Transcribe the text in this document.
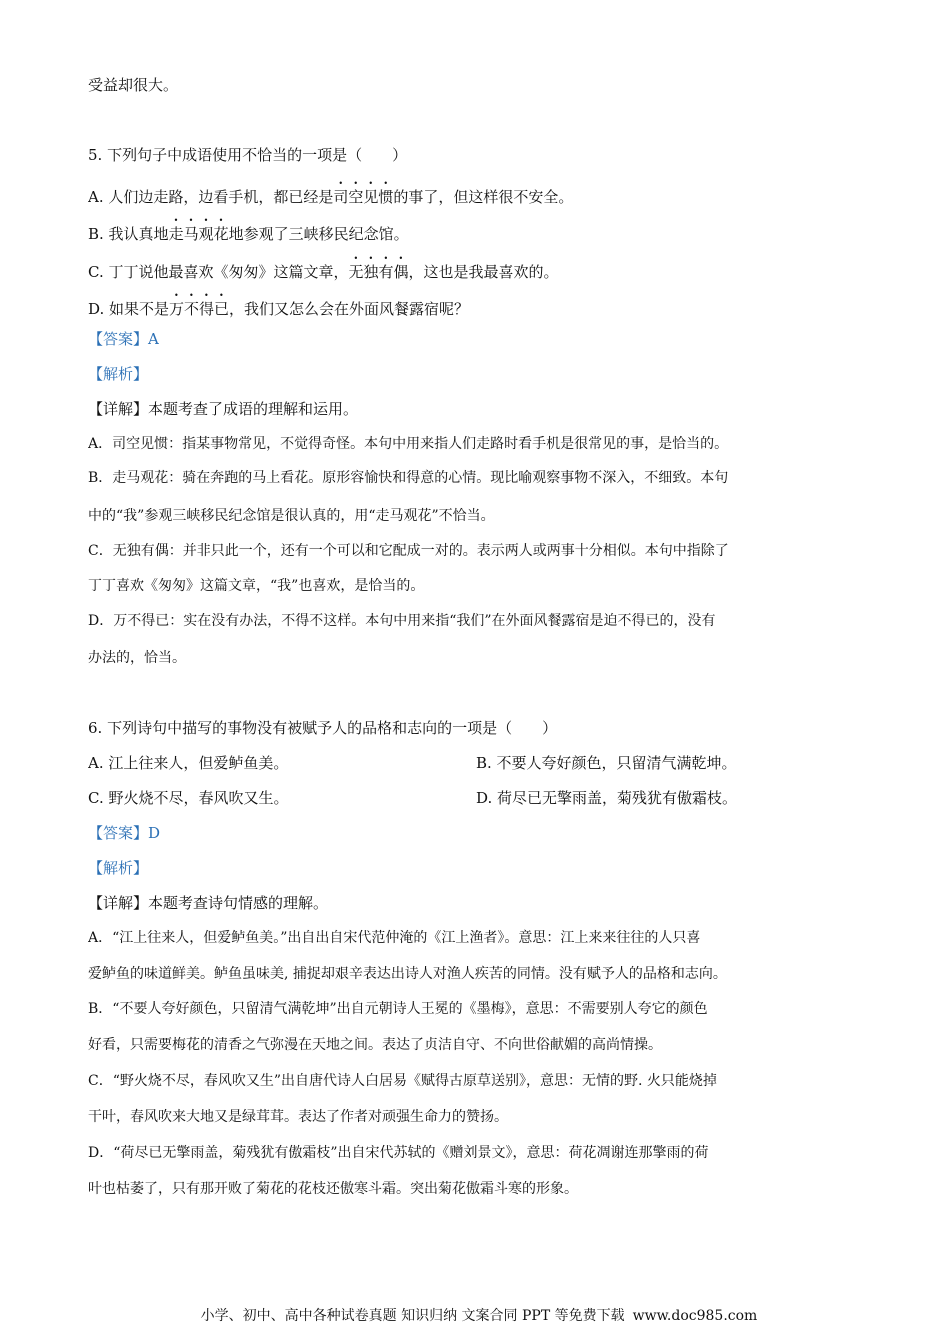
受益却很大。
5. 下列句子中成语使用不恰当的一项是（　　）
A. 人们边走路，边看手机，都已经是司空见惯的事了，但这样很不安全。
B. 我认真地走马观花地参观了三峡移民纪念馆。
C. 丁丁说他最喜欢《匆匆》这篇文章，无独有偶，这也是我最喜欢的。
D. 如果不是万不得已，我们又怎么会在外面风餐露宿呢？
【答案】A
【解析】
【详解】本题考查了成语的理解和运用。
A．司空见惯：指某事物常见，不觉得奇怪。本句中用来指人们走路时看手机是很常见的事，是恰当的。
B．走马观花：骑在奔跑的马上看花。原形容愉快和得意的心情。现比喻观察事物不深入，不细致。本句
中的“我”参观三峡移民纪念馆是很认真的，用“走马观花”不恰当。
C．无独有偶：并非只此一个，还有一个可以和它配成一对的。表示两人或两事十分相似。本句中指除了
丁丁喜欢《匆匆》这篇文章，“我”也喜欢，是恰当的。
D．万不得已：实在没有办法，不得不这样。本句中用来指“我们”在外面风餐露宿是迫不得已的，没有
办法的，恰当。
6. 下列诗句中描写的事物没有被赋予人的品格和志向的一项是（　　）
A. 江上往来人，但爱鲈鱼美。	B. 不要人夸好颜色，只留清气满乾坤。
C. 野火烧不尽，春风吹又生。	D. 荷尽已无擎雨盖，菊残犹有傲霜枝。
【答案】D
【解析】
【详解】本题考查诗句情感的理解。
A．“江上往来人，但爱鲈鱼美。”出自出自宋代范仲淹的《江上渔者》。意思：江上来来往往的人只喜
爱鲈鱼的味道鲜美。鲈鱼虽味美, 捕捉却艰辛表达出诗人对渔人疾苦的同情。没有赋予人的品格和志向。
B．“不要人夸好颜色，只留清气满乾坤”出自元朝诗人王冕的《墨梅》，意思：不需要别人夸它的颜色
好看，只需要梅花的清香之气弥漫在天地之间。表达了贞洁自守、不向世俗献媚的高尚情操。
C．“野火烧不尽，春风吹又生”出自唐代诗人白居易《赋得古原草送别》，意思：无情的野. 火只能烧掉
干叶，春风吹来大地又是绿茸茸。表达了作者对顽强生命力的赞扬。
D．“荷尽已无擎雨盖，菊残犹有傲霜枝”出自宋代苏轼的《赠刘景文》，意思：荷花凋谢连那擎雨的荷
叶也枯萎了，只有那开败了菊花的花枝还傲寒斗霜。突出菊花傲霜斗寒的形象。
小学、初中、高中各种试卷真题 知识归纳 文案合同 PPT 等免费下载 www.doc985.com
